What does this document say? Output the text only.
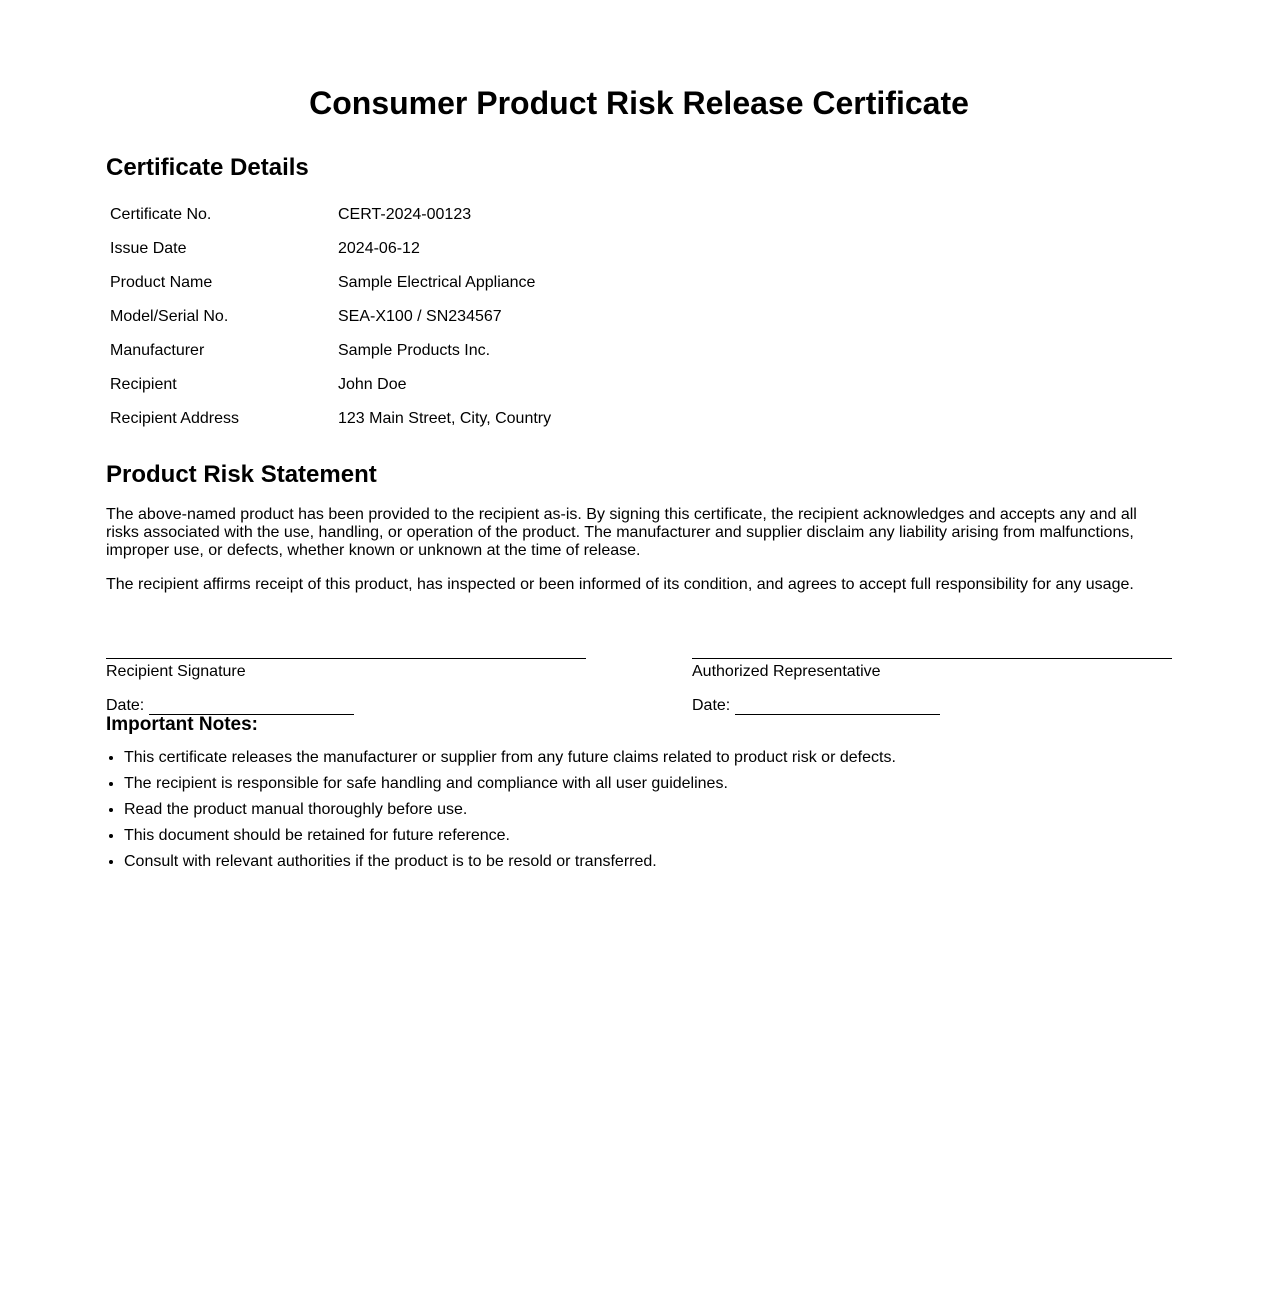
Consumer Product Risk Release Certificate
Certificate Details
Certificate No.	CERT-2024-00123
Issue Date	2024-06-12
Product Name	Sample Electrical Appliance
Model/Serial No.	SEA-X100 / SN234567
Manufacturer	Sample Products Inc.
Recipient	John Doe
Recipient Address	123 Main Street, City, Country
Product Risk Statement

The above-named product has been provided to the recipient as-is. By signing this certificate, the recipient acknowledges and accepts any and all risks associated with the use, handling, or operation of the product. The manufacturer and supplier disclaim any liability arising from malfunctions, improper use, or defects, whether known or unknown at the time of release.

The recipient affirms receipt of this product, has inspected or been informed of its condition, and agrees to accept full responsibility for any usage.

Recipient Signature
Date:
Authorized Representative
Date:
Important Notes:
• This certificate releases the manufacturer or supplier from any future claims related to product risk or defects.
• The recipient is responsible for safe handling and compliance with all user guidelines.
• Read the product manual thoroughly before use.
• This document should be retained for future reference.
• Consult with relevant authorities if the product is to be resold or transferred.
